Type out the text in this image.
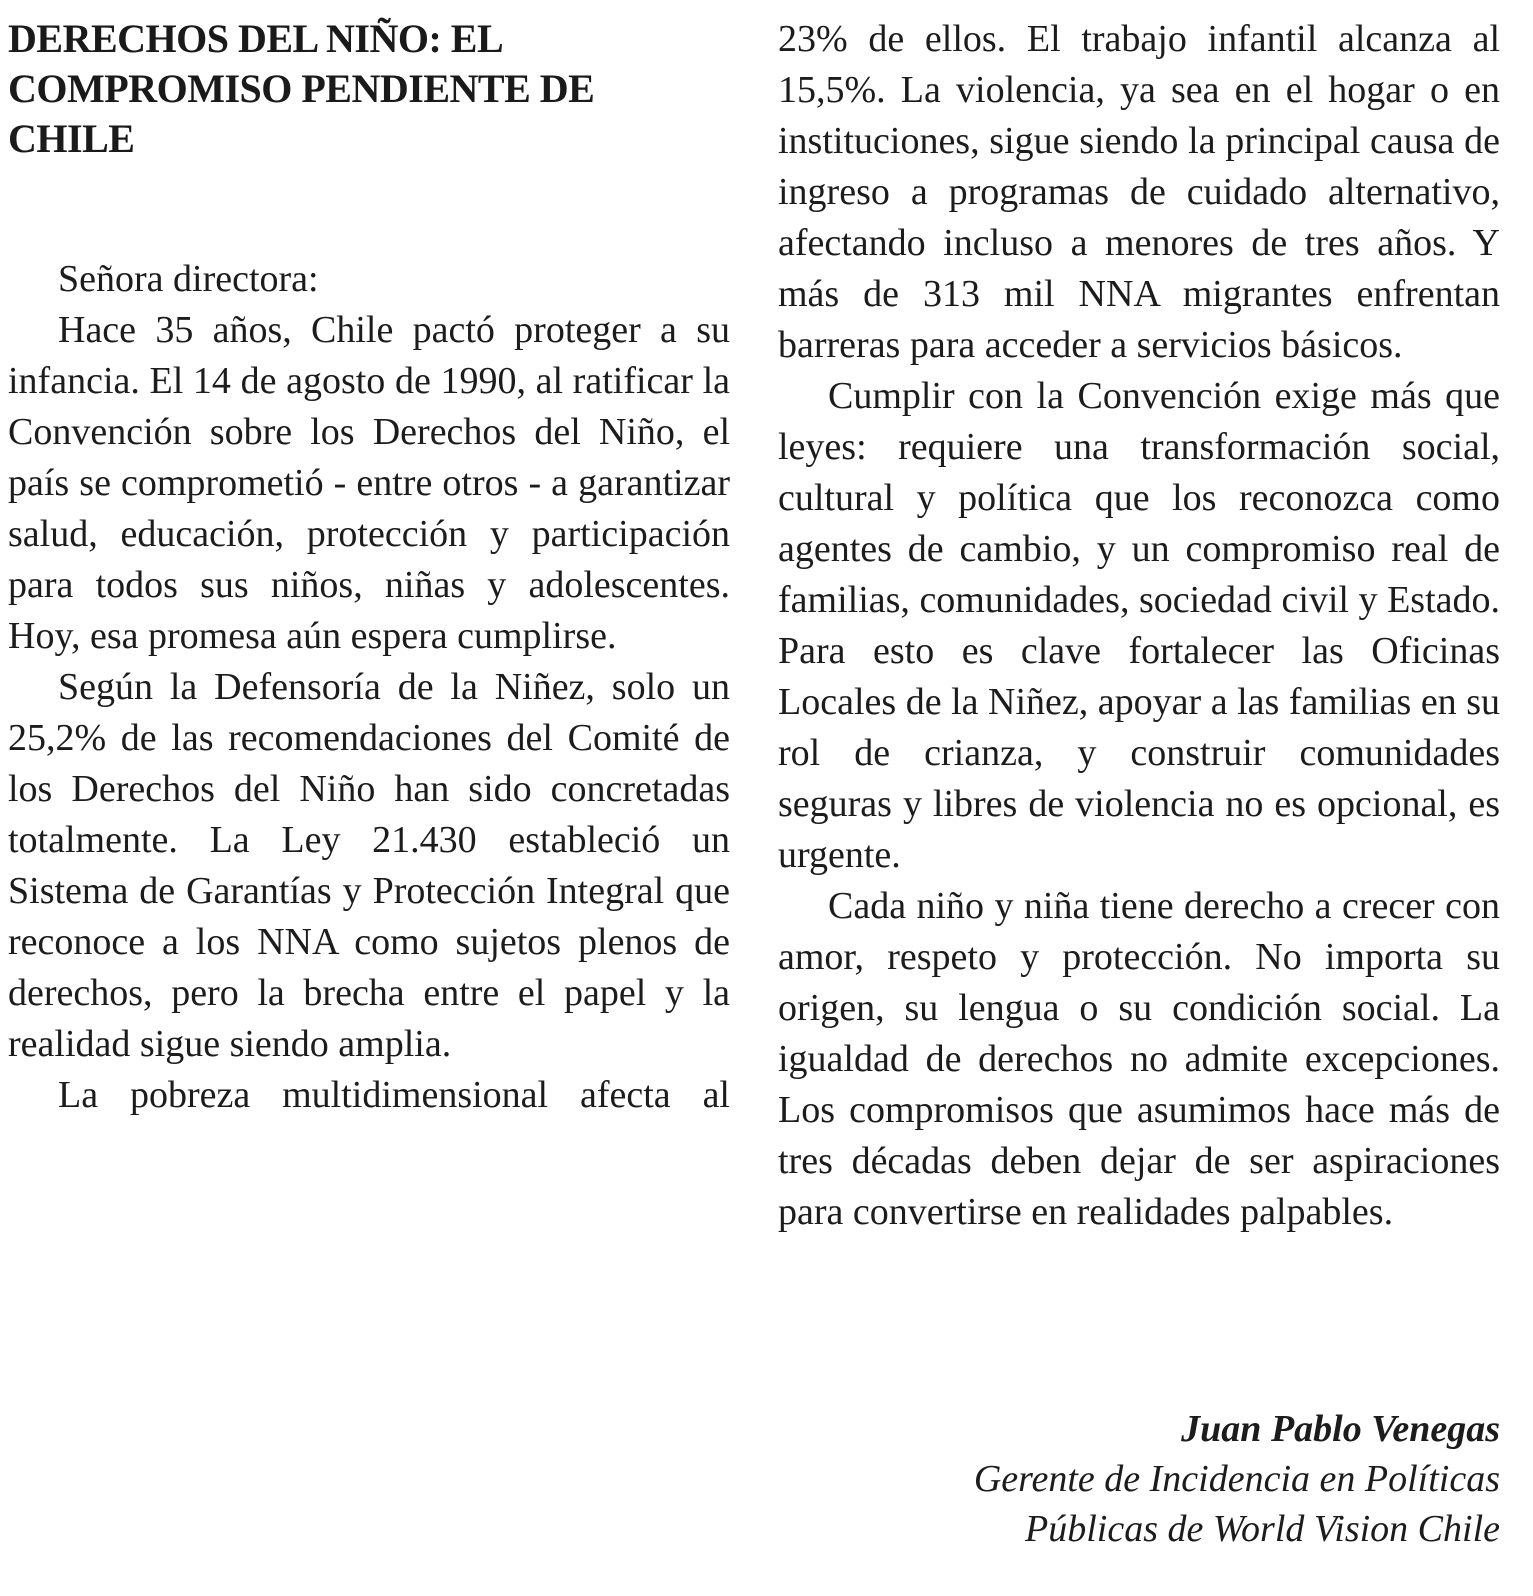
DERECHOS DEL NIÑO: EL COMPROMISO PENDIENTE DE CHILE

Señora directora:

Hace 35 años, Chile pactó proteger a su infancia. El 14 de agosto de 1990, al ratificar la Convención sobre los Derechos del Niño, el país se comprometió - entre otros - a garantizar salud, educación, protección y participación para todos sus niños, niñas y adolescentes. Hoy, esa promesa aún espera cumplirse.

Según la Defensoría de la Niñez, solo un 25,2% de las recomendaciones del Comité de los Derechos del Niño han sido concretadas totalmente. La Ley 21.430 estableció un Sistema de Garantías y Protección Integral que reconoce a los NNA como sujetos plenos de derechos, pero la brecha entre el papel y la realidad sigue siendo amplia.

La pobreza multidimensional afecta al

23% de ellos. El trabajo infantil alcanza al 15,5%. La violencia, ya sea en el hogar o en instituciones, sigue siendo la principal causa de ingreso a programas de cuidado alternativo, afectando incluso a menores de tres años. Y más de 313 mil NNA migrantes enfrentan barreras para acceder a servicios básicos.

Cumplir con la Convención exige más que leyes: requiere una transformación social, cultural y política que los reconozca como agentes de cambio, y un compromiso real de familias, comunidades, sociedad civil y Estado. Para esto es clave fortalecer las Oficinas Locales de la Niñez, apoyar a las familias en su rol de crianza, y construir comunidades seguras y libres de violencia no es opcional, es urgente.

Cada niño y niña tiene derecho a crecer con amor, respeto y protección. No importa su origen, su lengua o su condición social. La igualdad de derechos no admite excepciones. Los compromisos que asumimos hace más de tres décadas deben dejar de ser aspiraciones para convertirse en realidades palpables.

Juan Pablo Venegas

Gerente de Incidencia en Políticas

Públicas de World Vision Chile
